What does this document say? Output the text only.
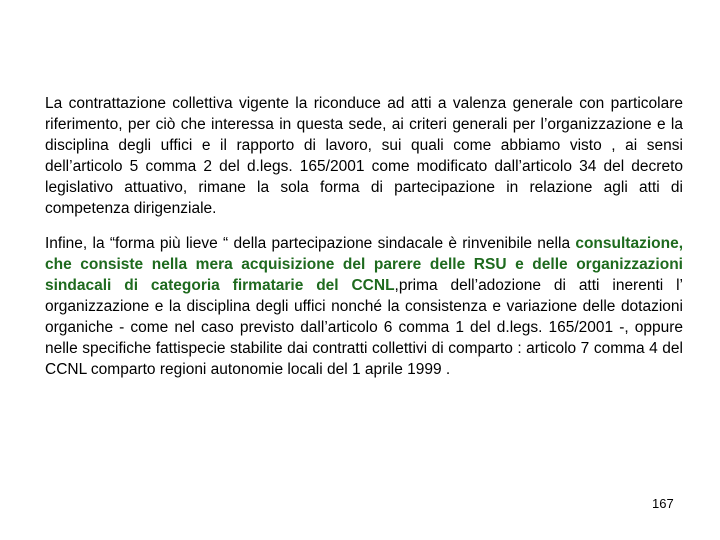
La contrattazione collettiva vigente la riconduce ad atti a valenza generale con particolare riferimento, per ciò che interessa in questa sede, ai criteri generali per l’organizzazione e la disciplina degli uffici e il rapporto di lavoro, sui quali come abbiamo visto , ai sensi dell’articolo 5 comma 2 del d.legs. 165/2001 come modificato dall’articolo 34 del decreto legislativo attuativo, rimane la sola forma di partecipazione in relazione agli atti di competenza dirigenziale.

Infine, la “forma più lieve “ della partecipazione sindacale è rinvenibile nella consultazione, che consiste nella mera acquisizione del parere delle RSU e delle organizzazioni sindacali di categoria firmatarie del CCNL,prima dell’adozione di atti inerenti l’ organizzazione e la disciplina degli uffici nonché la consistenza e variazione delle dotazioni organiche - come nel caso previsto dall’articolo 6 comma 1 del d.legs. 165/2001 -, oppure nelle specifiche fattispecie stabilite dai contratti collettivi di comparto : articolo 7 comma 4 del CCNL comparto regioni autonomie locali del 1 aprile 1999 .

167
